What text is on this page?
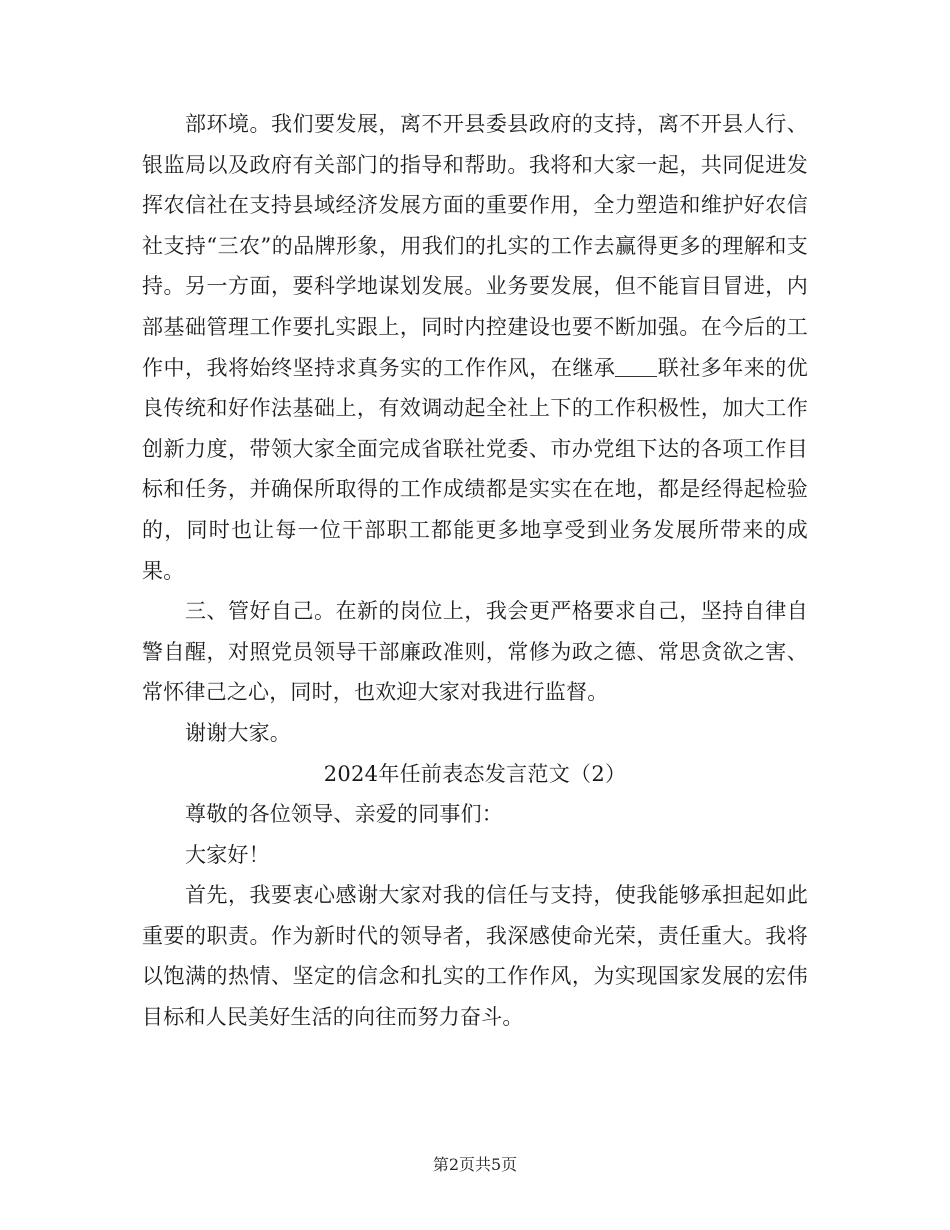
部环境。我们要发展，离不开县委县政府的支持，离不开县人行、银监局以及政府有关部门的指导和帮助。我将和大家一起，共同促进发挥农信社在支持县域经济发展方面的重要作用，全力塑造和维护好农信社支持“三农”的品牌形象，用我们的扎实的工作去赢得更多的理解和支持。另一方面，要科学地谋划发展。业务要发展，但不能盲目冒进，内部基础管理工作要扎实跟上，同时内控建设也要不断加强。在今后的工作中，我将始终坚持求真务实的工作作风，在继承 联社多年来的优良传统和好作法基础上，有效调动起全社上下的工作积极性，加大工作创新力度，带领大家全面完成省联社党委、市办党组下达的各项工作目标和任务，并确保所取得的工作成绩都是实实在在地，都是经得起检验的，同时也让每一位干部职工都能更多地享受到业务发展所带来的成果。

三、管好自己。在新的岗位上，我会更严格要求自己，坚持自律自警自醒，对照党员领导干部廉政准则，常修为政之德、常思贪欲之害、常怀律己之心，同时，也欢迎大家对我进行监督。

谢谢大家。

2024年任前表态发言范文（2）

尊敬的各位领导、亲爱的同事们：

大家好！

首先，我要衷心感谢大家对我的信任与支持，使我能够承担起如此重要的职责。作为新时代的领导者，我深感使命光荣，责任重大。我将以饱满的热情、坚定的信念和扎实的工作作风，为实现国家发展的宏伟目标和人民美好生活的向往而努力奋斗。

第2页共5页
